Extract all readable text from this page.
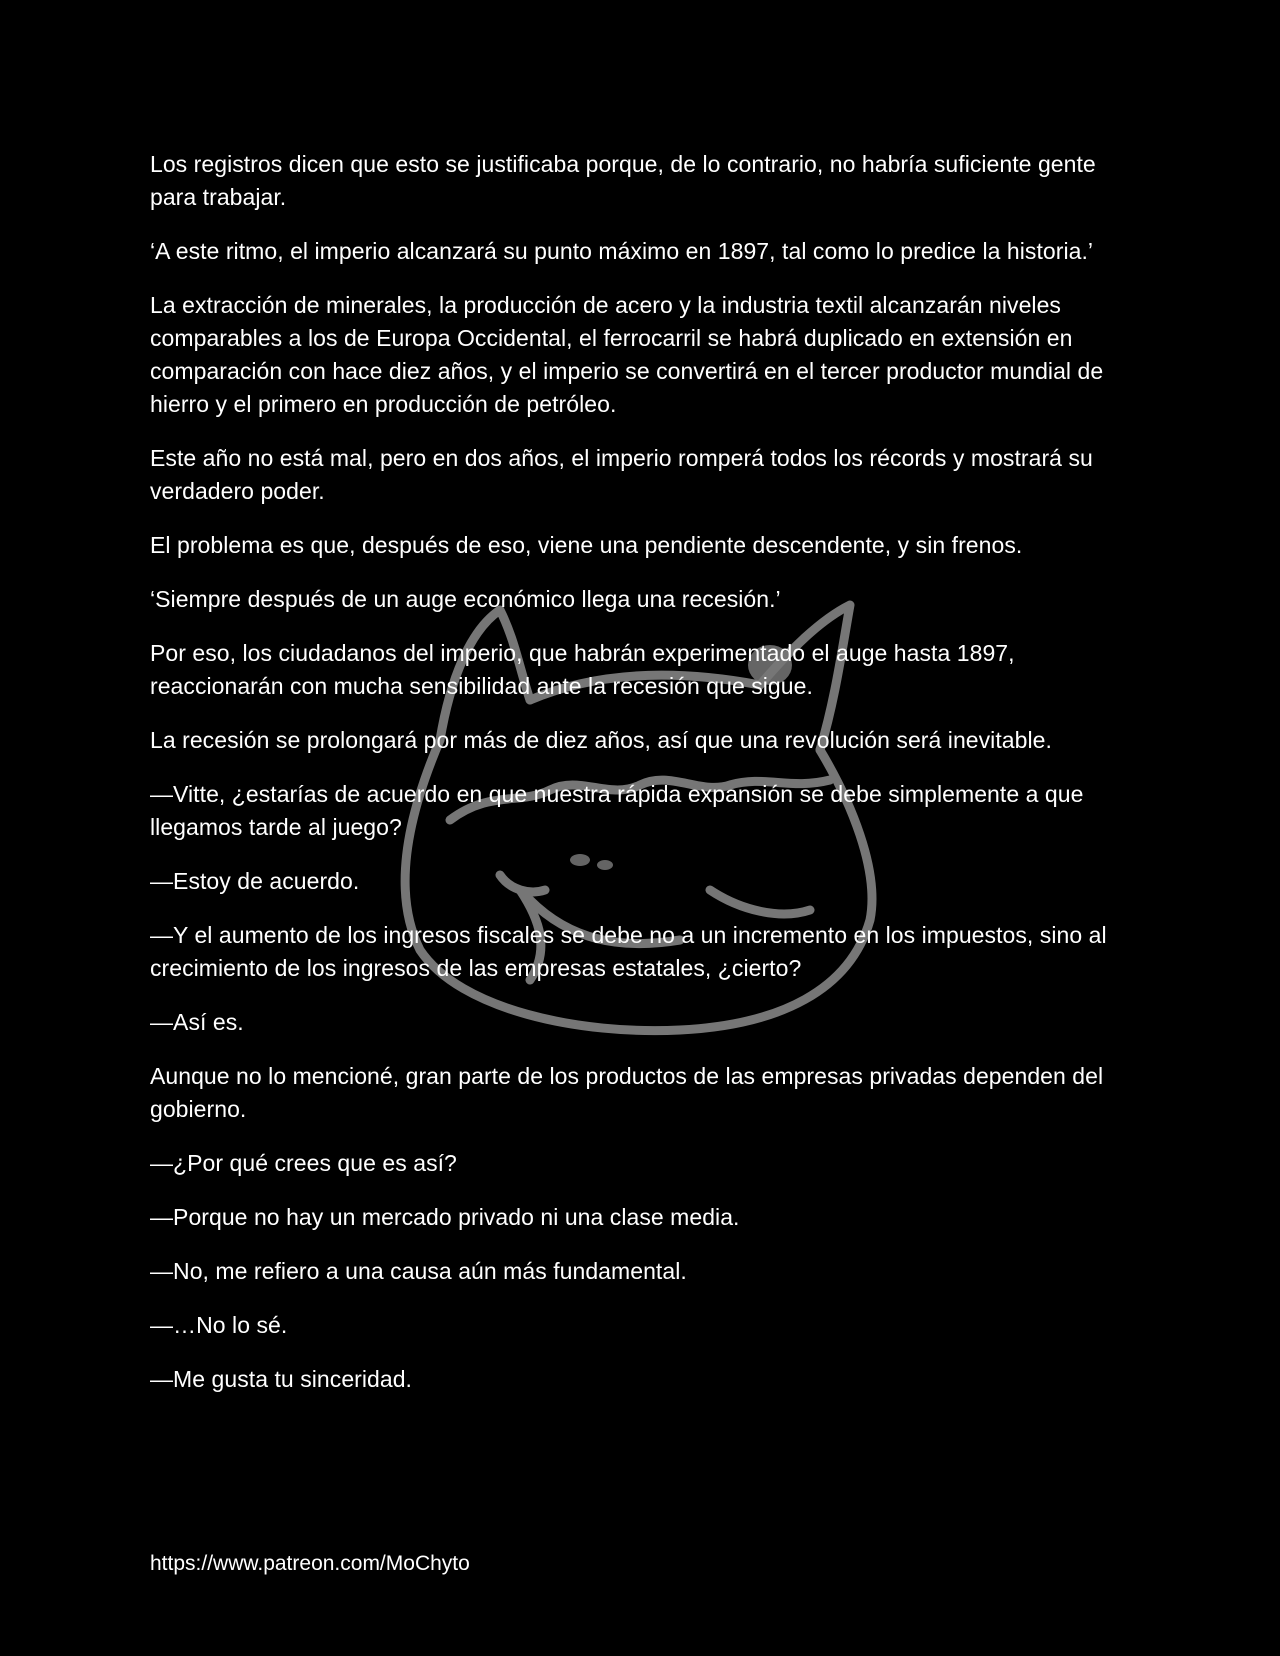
Los registros dicen que esto se justificaba porque, de lo contrario, no habría suficiente gente para trabajar.

‘A este ritmo, el imperio alcanzará su punto máximo en 1897, tal como lo predice la historia.’

La extracción de minerales, la producción de acero y la industria textil alcanzarán niveles comparables a los de Europa Occidental, el ferrocarril se habrá duplicado en extensión en comparación con hace diez años, y el imperio se convertirá en el tercer productor mundial de hierro y el primero en producción de petróleo.

Este año no está mal, pero en dos años, el imperio romperá todos los récords y mostrará su verdadero poder.

El problema es que, después de eso, viene una pendiente descendente, y sin frenos.

‘Siempre después de un auge económico llega una recesión.’

Por eso, los ciudadanos del imperio, que habrán experimentado el auge hasta 1897, reaccionarán con mucha sensibilidad ante la recesión que sigue.

La recesión se prolongará por más de diez años, así que una revolución será inevitable.

—Vitte, ¿estarías de acuerdo en que nuestra rápida expansión se debe simplemente a que llegamos tarde al juego?

—Estoy de acuerdo.

—Y el aumento de los ingresos fiscales se debe no a un incremento en los impuestos, sino al crecimiento de los ingresos de las empresas estatales, ¿cierto?

—Así es.

Aunque no lo mencioné, gran parte de los productos de las empresas privadas dependen del gobierno.

—¿Por qué crees que es así?

—Porque no hay un mercado privado ni una clase media.

—No, me refiero a una causa aún más fundamental.

—…No lo sé.

—Me gusta tu sinceridad.

https://www.patreon.com/MoChyto
